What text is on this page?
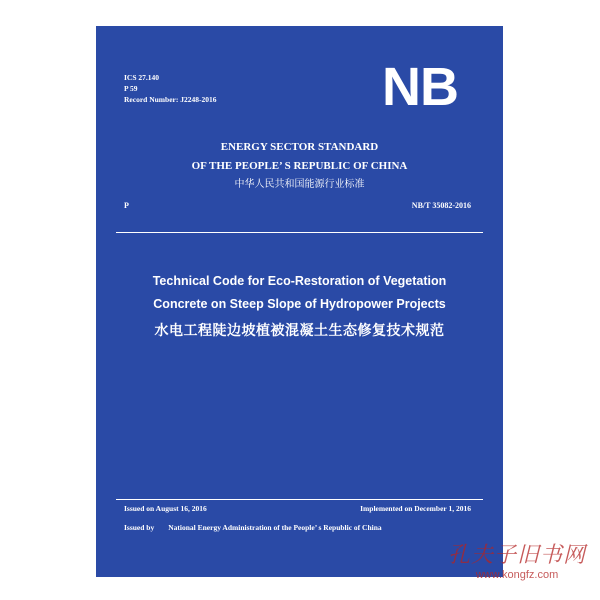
ICS 27.140
P 59
Record Number: J2248-2016	NB
ENERGY SECTOR STANDARD
OF THE PEOPLE’ S REPUBLIC OF CHINA
中华人民共和国能源行业标准
P	NB/T 35082-2016
Technical Code for Eco-Restoration of Vegetation
Concrete on Steep Slope of Hydropower Projects
水电工程陡边坡植被混凝土生态修复技术规范
Issued on August 16, 2016	Implemented on December 1, 2016
Issued by National Energy Administration of the People’ s Republic of China
孔夫子旧书网
www.kongfz.com
